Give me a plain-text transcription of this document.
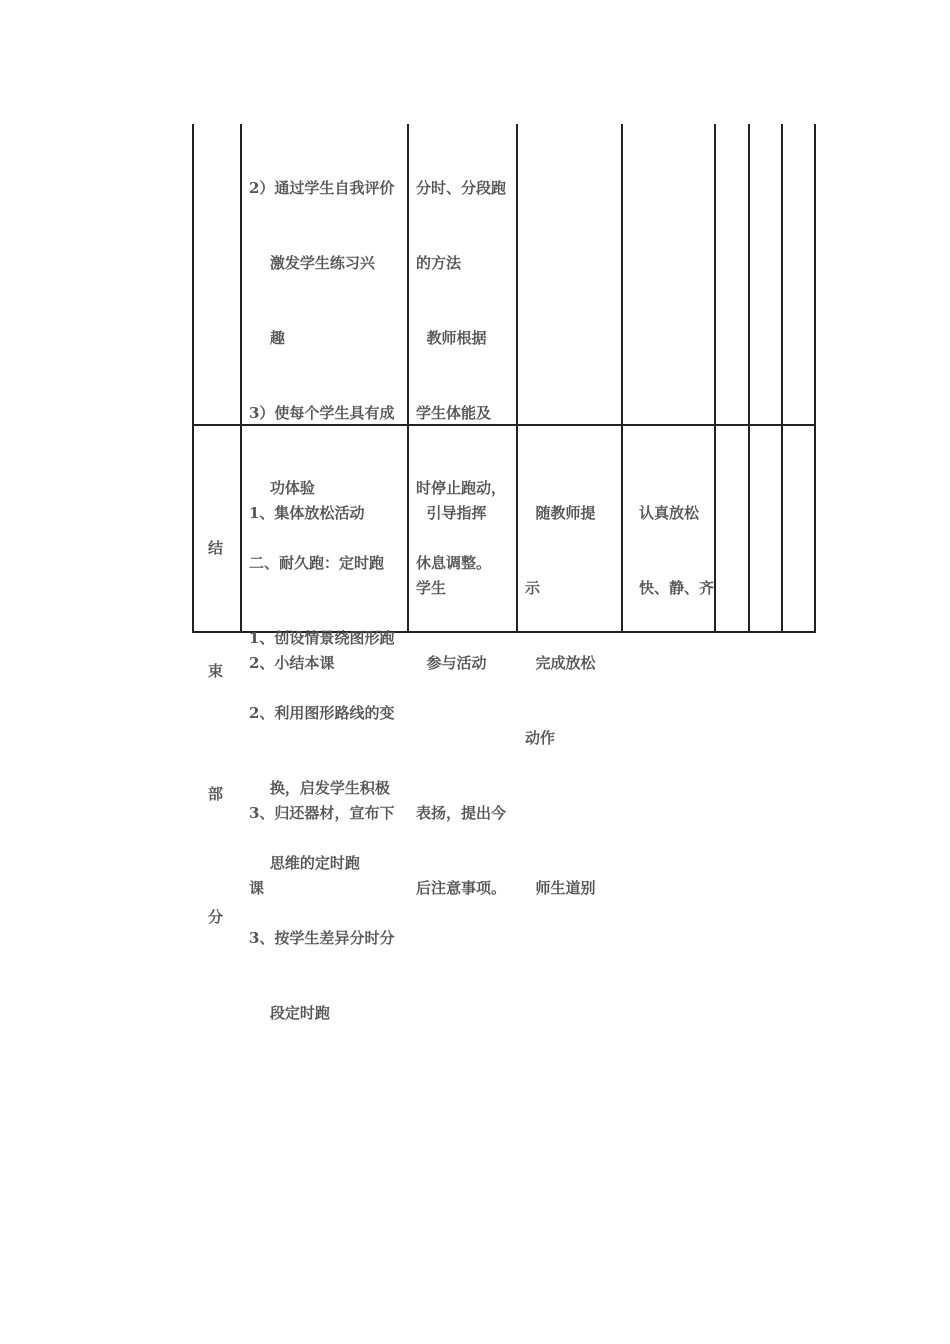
2）通过学生自我评价

激发学生练习兴

趣

3）使每个学生具有成

功体验

二、耐久跑：定时跑

1、创设情景绕图形跑

2、利用图形路线的变

换，启发学生积极

思维的定时跑

3、按学生差异分时分

段定时跑

分时、分段跑

的方法

教师根据

学生体能及

时停止跑动，

休息调整。

结

束

部

分

1、集体放松活动

2、小结本课

3、归还器材，宣布下

课

引导指挥

学生

参与活动

表扬，提出今

后注意事项。

随教师提

示

完成放松

动作

师生道别

认真放松

快、静、齐
